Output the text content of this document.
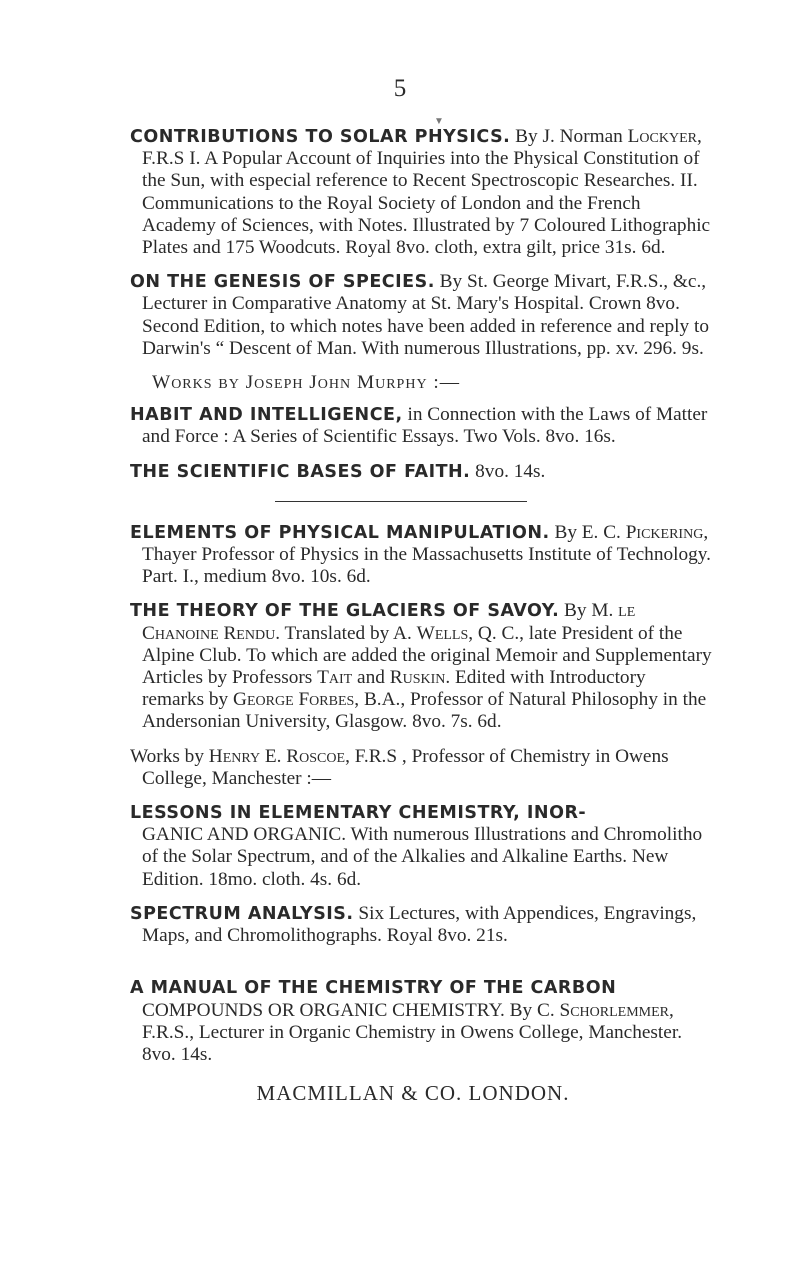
5
▼

CONTRIBUTIONS TO SOLAR PHYSICS. By J. Norman Lockyer, F.R.S I. A Popular Account of Inquiries into the Physical Constitution of the Sun, with especial reference to Recent Spectroscopic Researches. II. Communications to the Royal Society of London and the French Academy of Sciences, with Notes. Illustrated by 7 Coloured Lithographic Plates and 175 Woodcuts. Royal 8vo. cloth, extra gilt, price 31s. 6d.

ON THE GENESIS OF SPECIES. By St. George Mivart, F.R.S., &c., Lecturer in Comparative Anatomy at St. Mary's Hospital. Crown 8vo. Second Edition, to which notes have been added in reference and reply to Darwin's “ Descent of Man. With numerous Illustrations, pp. xv. 296. 9s.

Works by Joseph John Murphy :—

HABIT AND INTELLIGENCE, in Connection with the Laws of Matter and Force : A Series of Scientific Essays. Two Vols. 8vo. 16s.

THE SCIENTIFIC BASES OF FAITH. 8vo. 14s.

ELEMENTS OF PHYSICAL MANIPULATION. By E. C. Pickering, Thayer Professor of Physics in the Massachusetts Institute of Technology. Part. I., medium 8vo. 10s. 6d.

THE THEORY OF THE GLACIERS OF SAVOY. By M. le Chanoine Rendu. Translated by A. Wells, Q. C., late President of the Alpine Club. To which are added the original Memoir and Supplementary Articles by Professors Tait and Ruskin. Edited with Introductory remarks by George Forbes, B.A., Professor of Natural Philosophy in the Andersonian University, Glasgow. 8vo. 7s. 6d.

Works by Henry E. Roscoe, F.R.S , Professor of Chemistry in Owens College, Manchester :—

LESSONS IN ELEMENTARY CHEMISTRY, INOR-
GANIC AND ORGANIC. With numerous Illustrations and Chromolitho of the Solar Spectrum, and of the Alkalies and Alkaline Earths. New Edition. 18mo. cloth. 4s. 6d.

SPECTRUM ANALYSIS. Six Lectures, with Appendices, Engravings, Maps, and Chromolithographs. Royal 8vo. 21s.

A MANUAL OF THE CHEMISTRY OF THE CARBON
COMPOUNDS OR ORGANIC CHEMISTRY. By C. Schorlemmer, F.R.S., Lecturer in Organic Chemistry in Owens College, Manchester. 8vo. 14s.

MACMILLAN & CO. LONDON.
